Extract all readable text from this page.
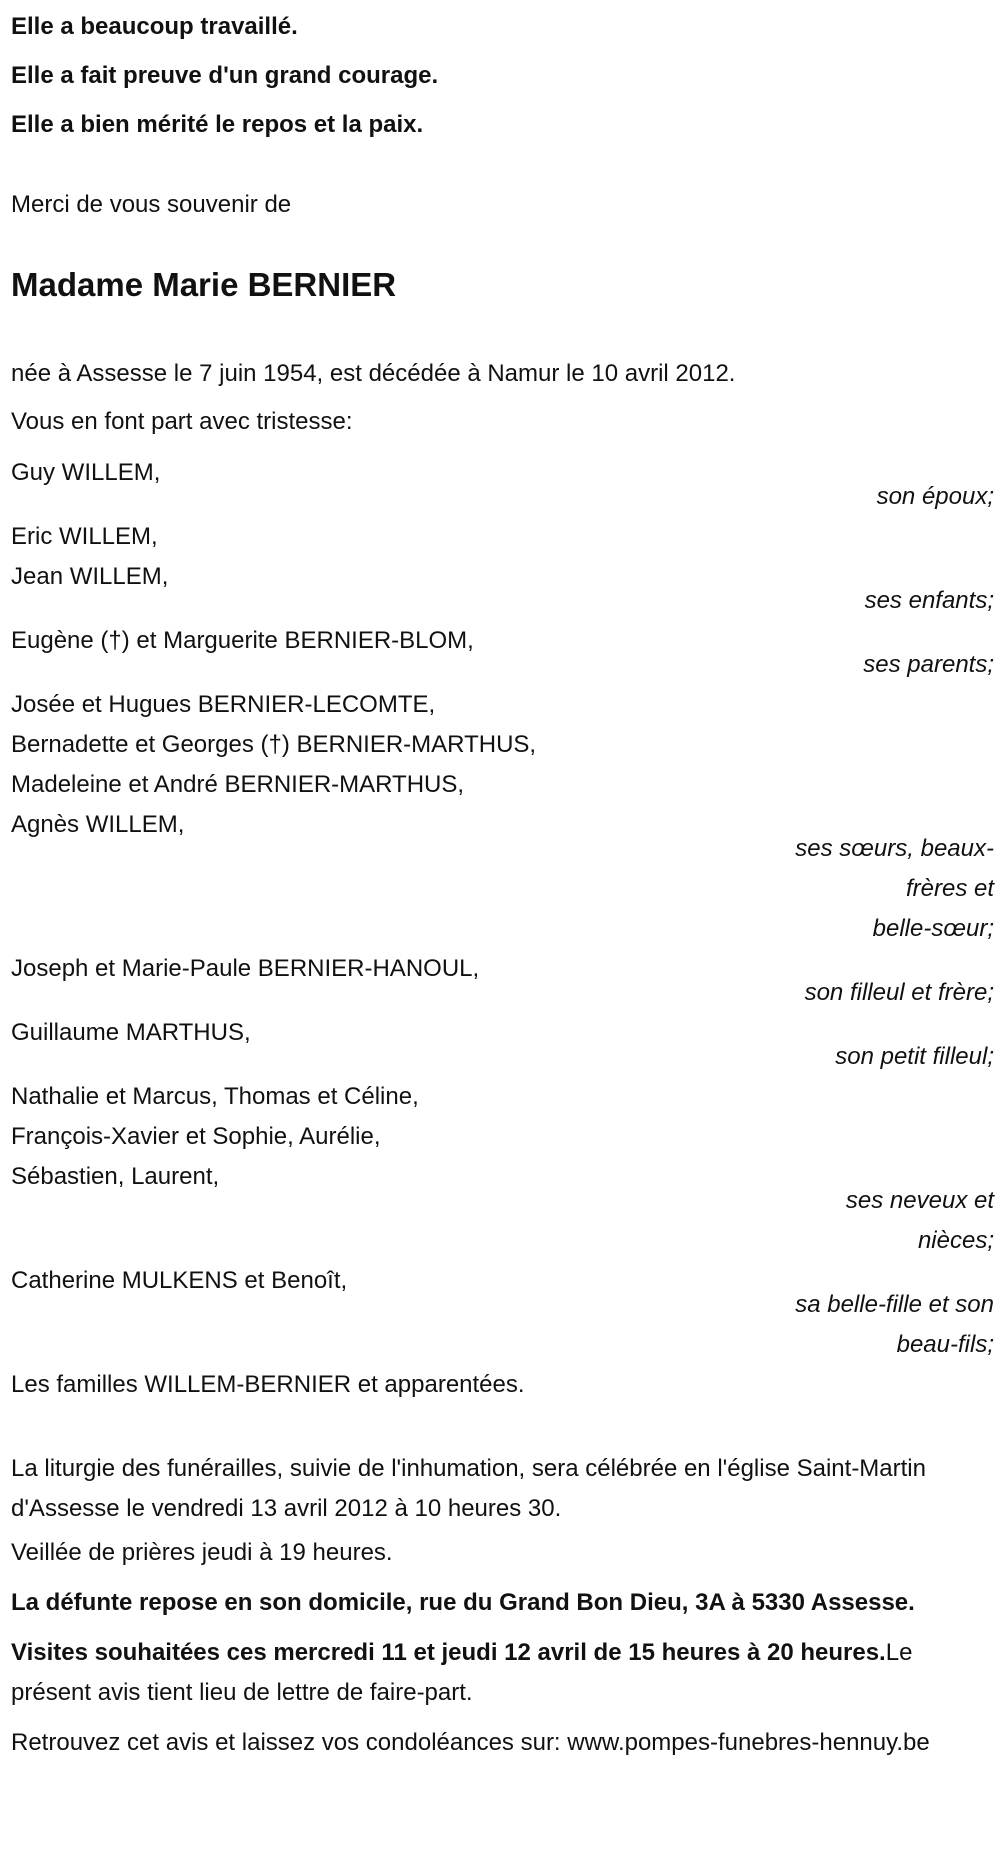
Elle a beaucoup travaillé.
Elle a fait preuve d'un grand courage.
Elle a bien mérité le repos et la paix.

Merci de vous souvenir de

Madame Marie BERNIER

née à Assesse le 7 juin 1954, est décédée à Namur le 10 avril 2012.

Vous en font part avec tristesse:

Guy WILLEM,
son époux;
Eric WILLEM,
Jean WILLEM,
ses enfants;
Eugène (†) et Marguerite BERNIER-BLOM,
ses parents;
Josée et Hugues BERNIER-LECOMTE,
Bernadette et Georges (†) BERNIER-MARTHUS,
Madeleine et André BERNIER-MARTHUS,
Agnès WILLEM,
ses sœurs, beaux-
frères et
belle-sœur;
Joseph et Marie-Paule BERNIER-HANOUL,
son filleul et frère;
Guillaume MARTHUS,
son petit filleul;
Nathalie et Marcus, Thomas et Céline,
François-Xavier et Sophie, Aurélie,
Sébastien, Laurent,
ses neveux et
nièces;
Catherine MULKENS et Benoît,
sa belle-fille et son
beau-fils;

Les familles WILLEM-BERNIER et apparentées.

La liturgie des funérailles, suivie de l'inhumation, sera célébrée en l'église Saint-Martin d'Assesse le vendredi 13 avril 2012 à 10 heures 30.

Veillée de prières jeudi à 19 heures.

La défunte repose en son domicile, rue du Grand Bon Dieu, 3A à 5330 Assesse.

Visites souhaitées ces mercredi 11 et jeudi 12 avril de 15 heures à 20 heures.Le présent avis tient lieu de lettre de faire-part.

Retrouvez cet avis et laissez vos condoléances sur: www.pompes-funebres-hennuy.be
